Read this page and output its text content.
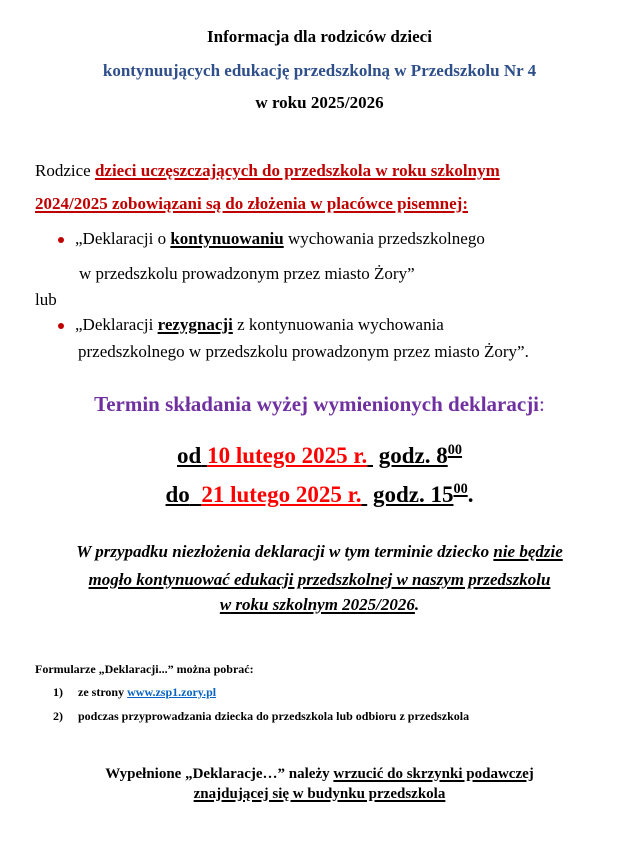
Informacja dla rodziców dzieci
kontynuujących edukację przedszkolną w Przedszkolu Nr 4
w roku 2025/2026
Rodzice dzieci uczęszczających do przedszkola w roku szkolnym
2024/2025 zobowiązani są do złożenia w placówce pisemnej:
„Deklaracji o kontynuowaniu wychowania przedszkolnego
w przedszkolu prowadzonym przez miasto Żory”
lub
„Deklaracji rezygnacji z kontynuowania wychowania
przedszkolnego w przedszkolu prowadzonym przez miasto Żory”.
Termin składania wyżej wymienionych deklaracji:
od 10 lutego 2025 r. godz. $8^{00}$
do 21 lutego 2025 r. godz. $15^{00}$.
W przypadku niezłożenia deklaracji w tym terminie dziecko nie będzie
mogło kontynuować edukacji przedszkolnej w naszym przedszkolu
w roku szkolnym 2025/2026.
Formularze „Deklaracji...” można pobrać:
1) ze strony www.zsp1.zory.pl
2) podczas przyprowadzania dziecka do przedszkola lub odbioru z przedszkola
Wypełnione „Deklaracje…” należy wrzucić do skrzynki podawczej
znajdującej się w budynku przedszkola
